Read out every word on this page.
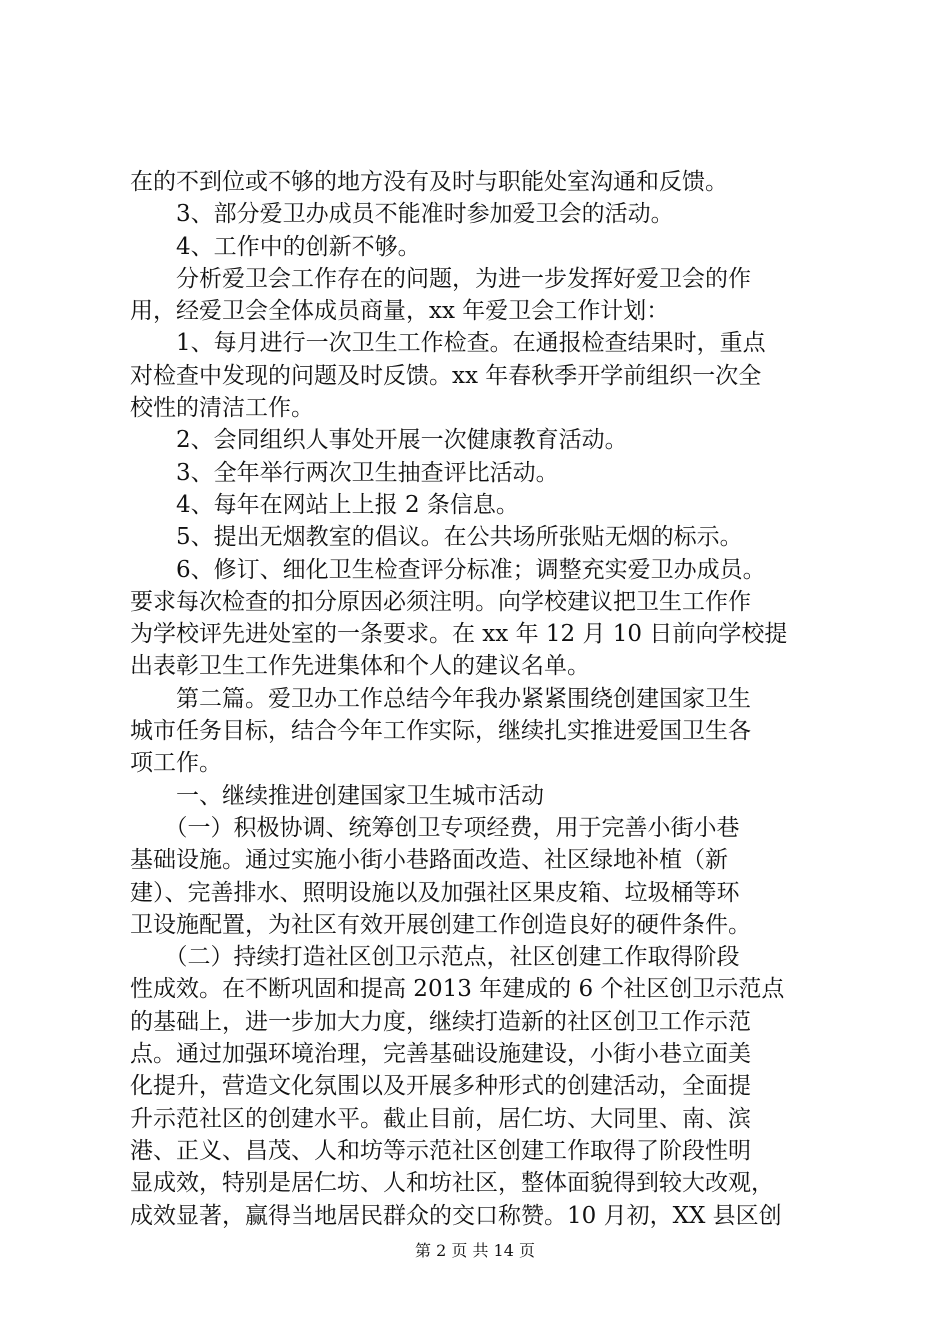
在的不到位或不够的地方没有及时与职能处室沟通和反馈。
　　3、部分爱卫办成员不能准时参加爱卫会的活动。
　　4、工作中的创新不够。
　　分析爱卫会工作存在的问题，为进一步发挥好爱卫会的作
用，经爱卫会全体成员商量，xx 年爱卫会工作计划：
　　1、每月进行一次卫生工作检查。在通报检查结果时，重点
对检查中发现的问题及时反馈。xx 年春秋季开学前组织一次全
校性的清洁工作。
　　2、会同组织人事处开展一次健康教育活动。
　　3、全年举行两次卫生抽查评比活动。
　　4、每年在网站上上报 2 条信息。
　　5、提出无烟教室的倡议。在公共场所张贴无烟的标示。
　　6、修订、细化卫生检查评分标准；调整充实爱卫办成员。
要求每次检查的扣分原因必须注明。向学校建议把卫生工作作
为学校评先进处室的一条要求。在 xx 年 12 月 10 日前向学校提
出表彰卫生工作先进集体和个人的建议名单。
　　第二篇。爱卫办工作总结今年我办紧紧围绕创建国家卫生
城市任务目标，结合今年工作实际，继续扎实推进爱国卫生各
项工作。
　　一、继续推进创建国家卫生城市活动
　　（一）积极协调、统筹创卫专项经费，用于完善小街小巷
基础设施。通过实施小街小巷路面改造、社区绿地补植（新
建）、完善排水、照明设施以及加强社区果皮箱、垃圾桶等环
卫设施配置，为社区有效开展创建工作创造良好的硬件条件。
　　（二）持续打造社区创卫示范点，社区创建工作取得阶段
性成效。在不断巩固和提高 2013 年建成的 6 个社区创卫示范点
的基础上，进一步加大力度，继续打造新的社区创卫工作示范
点。通过加强环境治理，完善基础设施建设，小街小巷立面美
化提升，营造文化氛围以及开展多种形式的创建活动，全面提
升示范社区的创建水平。截止目前，居仁坊、大同里、南、滨
港、正义、昌茂、人和坊等示范社区创建工作取得了阶段性明
显成效，特别是居仁坊、人和坊社区，整体面貌得到较大改观，
成效显著，赢得当地居民群众的交口称赞。10 月初，XX 县区创
第 2 页 共 14 页
